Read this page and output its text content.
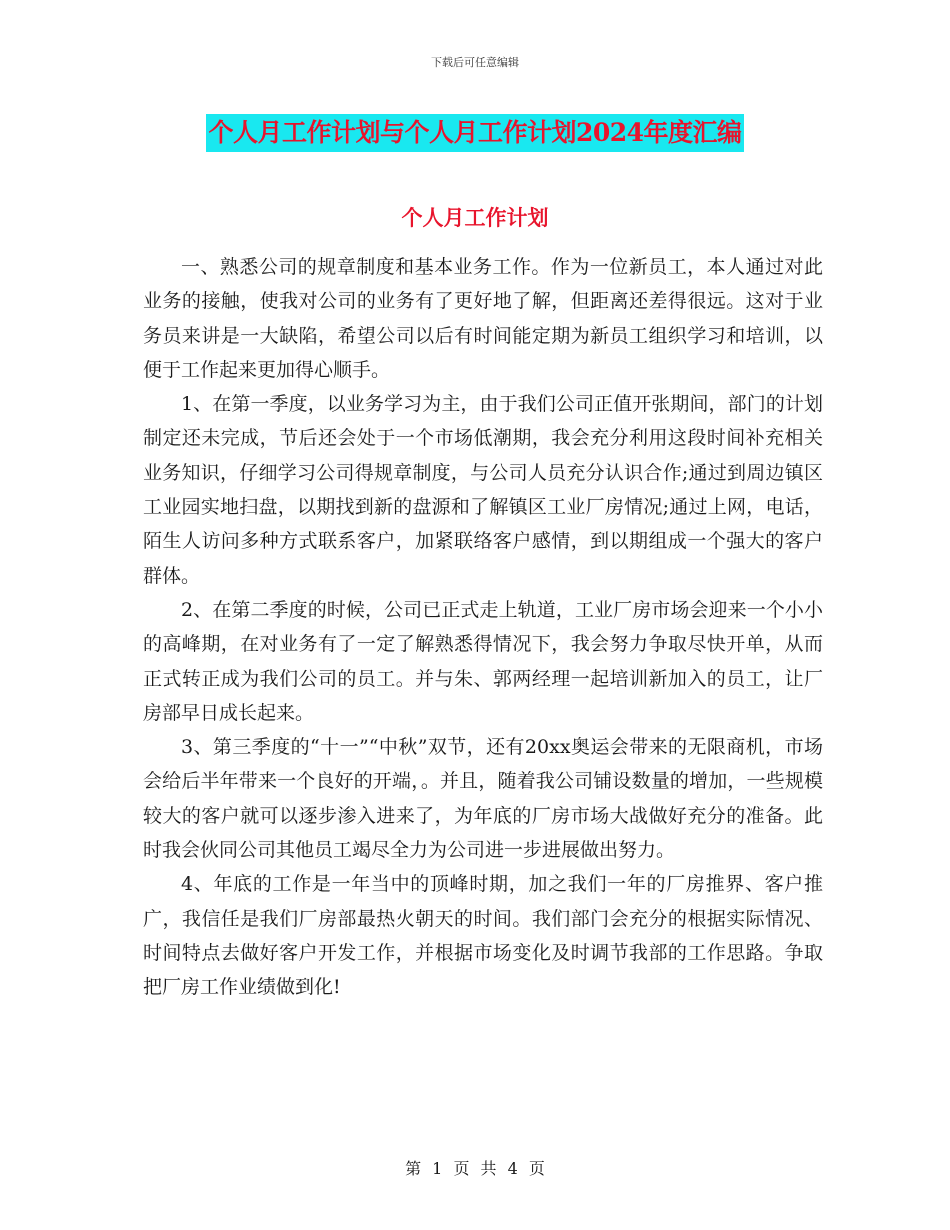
下载后可任意编辑
个人月工作计划与个人月工作计划2024年度汇编
个人月工作计划

一、熟悉公司的规章制度和基本业务工作。作为一位新员工，本人通过对此业务的接触，使我对公司的业务有了更好地了解，但距离还差得很远。这对于业务员来讲是一大缺陷，希望公司以后有时间能定期为新员工组织学习和培训，以便于工作起来更加得心顺手。

1、在第一季度，以业务学习为主，由于我们公司正值开张期间，部门的计划制定还未完成，节后还会处于一个市场低潮期，我会充分利用这段时间补充相关业务知识，仔细学习公司得规章制度，与公司人员充分认识合作;通过到周边镇区工业园实地扫盘，以期找到新的盘源和了解镇区工业厂房情况;通过上网，电话，陌生人访问多种方式联系客户，加紧联络客户感情，到以期组成一个强大的客户群体。

2、在第二季度的时候，公司已正式走上轨道，工业厂房市场会迎来一个小小的高峰期，在对业务有了一定了解熟悉得情况下，我会努力争取尽快开单，从而正式转正成为我们公司的员工。并与朱、郭两经理一起培训新加入的员工，让厂房部早日成长起来。

3、第三季度的“十一”“中秋”双节，还有20xx奥运会带来的无限商机，市场会给后半年带来一个良好的开端，。并且，随着我公司铺设数量的增加，一些规模较大的客户就可以逐步渗入进来了，为年底的厂房市场大战做好充分的准备。此时我会伙同公司其他员工竭尽全力为公司进一步进展做出努力。

4、年底的工作是一年当中的顶峰时期，加之我们一年的厂房推界、客户推广，我信任是我们厂房部最热火朝天的时间。我们部门会充分的根据实际情况、时间特点去做好客户开发工作，并根据市场变化及时调节我部的工作思路。争取把厂房工作业绩做到化!

第 1 页 共 4 页
